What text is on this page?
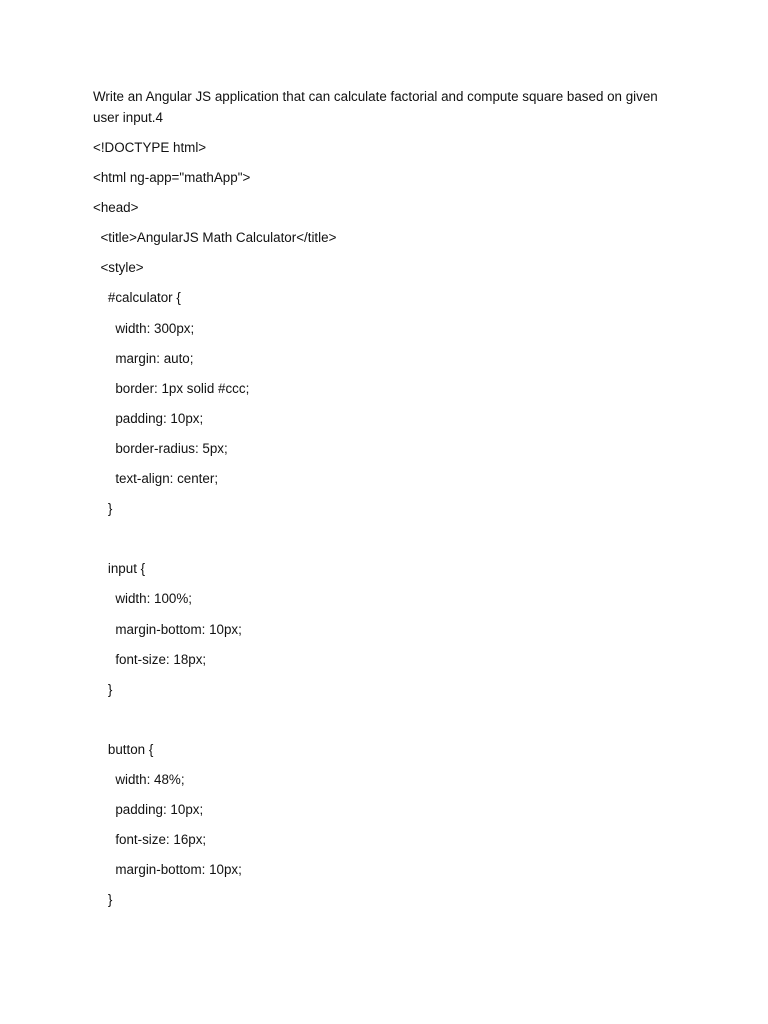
Write an Angular JS application that can calculate factorial and compute square based on given user input.4

<!DOCTYPE html>
<html ng-app="mathApp">
<head>
<title>AngularJS Math Calculator</title>
<style>
#calculator {
width: 300px;
margin: auto;
border: 1px solid #ccc;
padding: 10px;
border-radius: 5px;
text-align: center;
}
input {
width: 100%;
margin-bottom: 10px;
font-size: 18px;
}
button {
width: 48%;
padding: 10px;
font-size: 16px;
margin-bottom: 10px;
}
